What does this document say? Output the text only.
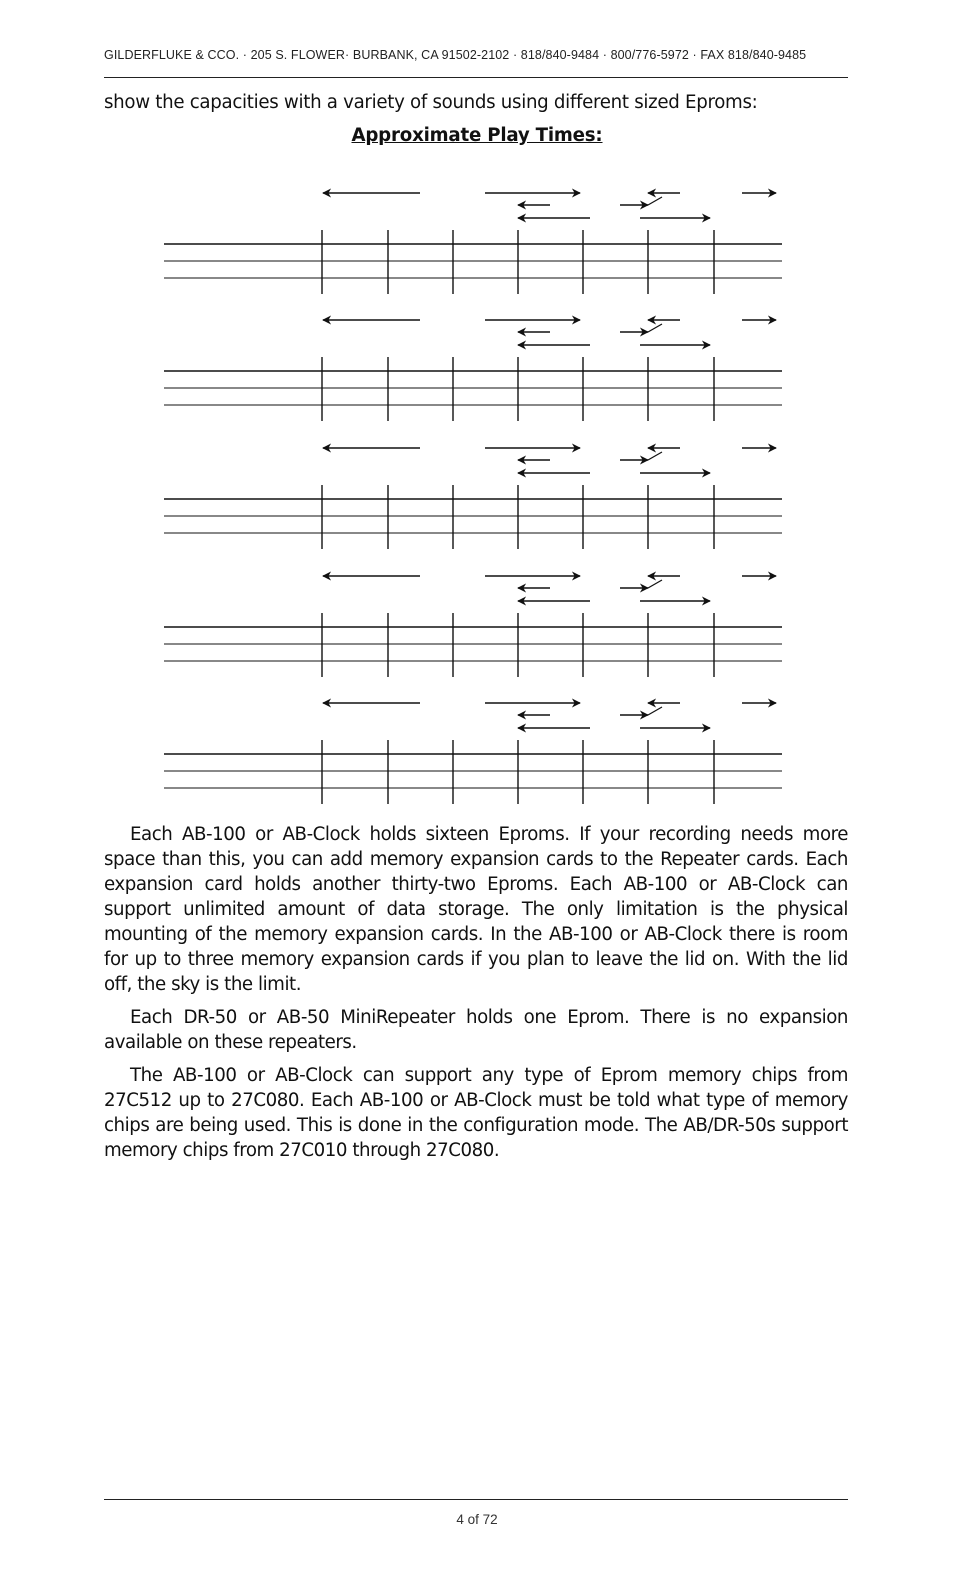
GILDERFLUKE & CCO. · 205 S. FLOWER· BURBANK, CA 91502-2102 · 818/840-9484 · 800/776-5972 · FAX 818/840-9485
show the capacities with a variety of sounds using different sized Eproms:
Approximate Play Times:

Each AB-100 or AB-Clock holds sixteen Eproms. If your recording needs more space than this, you can add memory expansion cards to the Repeater cards. Each expansion card holds another thirty-two Eproms. Each AB-100 or AB-Clock can support unlimited amount of data storage. The only limitation is the physical mounting of the memory expansion cards. In the AB-100 or AB-Clock there is room for up to three memory expansion cards if you plan to leave the lid on. With the lid off, the sky is the limit.

Each DR-50 or AB-50 MiniRepeater holds one Eprom. There is no expansion available on these repeaters.

The AB-100 or AB-Clock can support any type of Eprom memory chips from 27C512 up to 27C080. Each AB-100 or AB-Clock must be told what type of memory chips are being used. This is done in the configuration mode. The AB/DR-50s support memory chips from 27C010 through 27C080.

4 of 72
